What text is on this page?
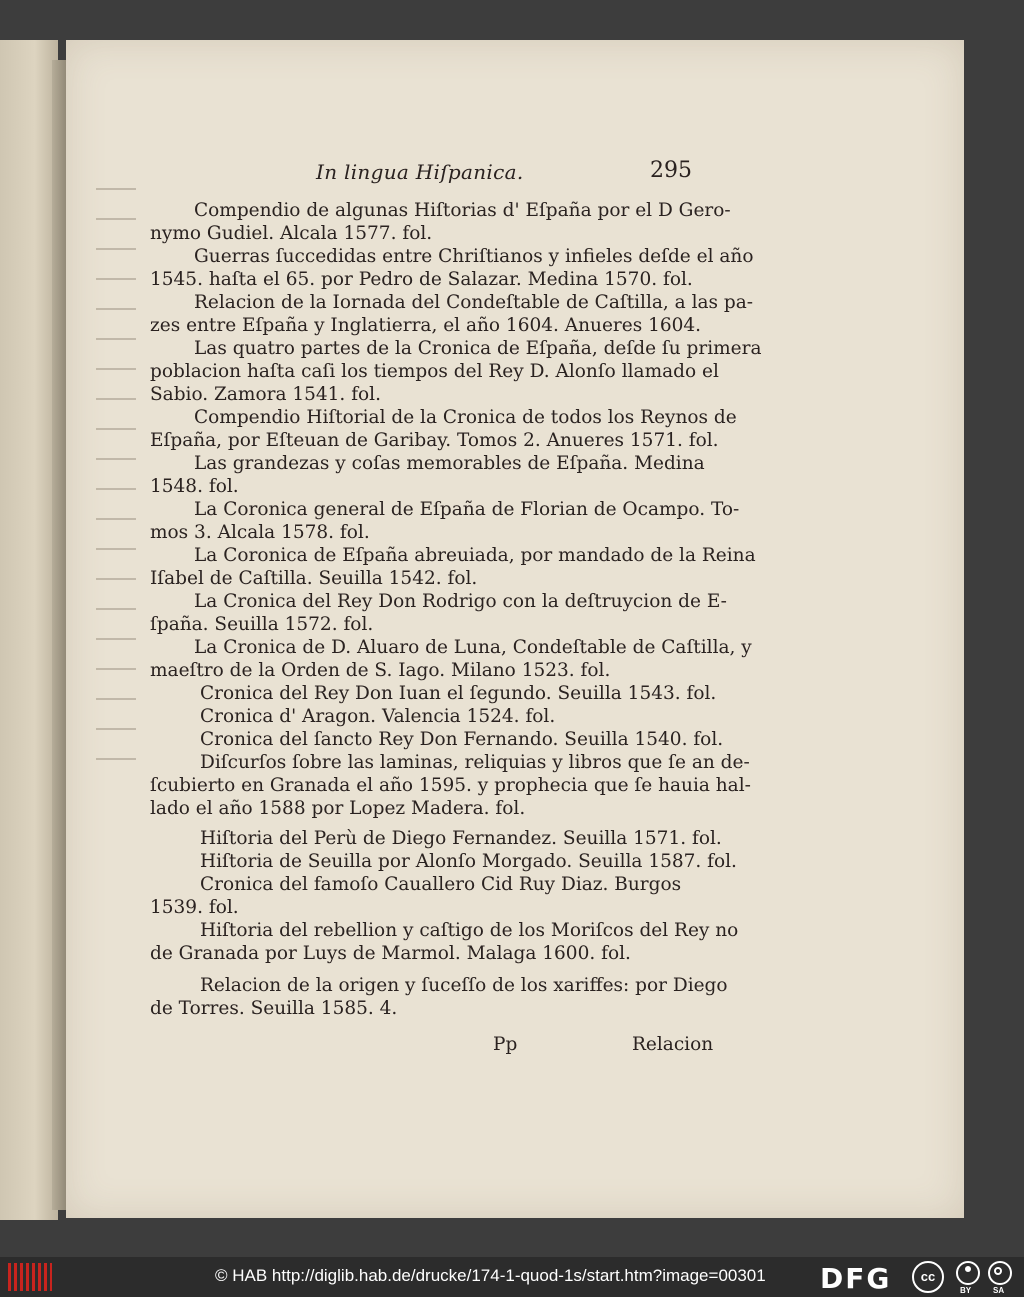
In lingua Hiſpanica.	295
Compendio de algunas Hiſtorias d' Eſpaña por el D Gero-
nymo Gudiel. Alcala 1577. fol.
Guerras ſuccedidas entre Chriſtianos y infieles deſde el año
1545. haſta el 65. por Pedro de Salazar. Medina 1570. fol.
Relacion de la Iornada del Condeſtable de Caſtilla, a las pa-
zes entre Eſpaña y Inglatierra, el año 1604. Anueres 1604.
Las quatro partes de la Cronica de Eſpaña, deſde ſu primera
poblacion haſta caſi los tiempos del Rey D. Alonſo llamado el
Sabio. Zamora 1541. fol.
Compendio Hiſtorial de la Cronica de todos los Reynos de
Eſpaña, por Eſteuan de Garibay. Tomos 2. Anueres 1571. fol.
Las grandezas y coſas memorables de Eſpaña. Medina
1548. fol.
La Coronica general de Eſpaña de Florian de Ocampo. To-
mos 3. Alcala 1578. fol.
La Coronica de Eſpaña abreuiada, por mandado de la Reina
Iſabel de Caſtilla. Seuilla 1542. fol.
La Cronica del Rey Don Rodrigo con la deſtruycion de E-
ſpaña. Seuilla 1572. fol.
La Cronica de D. Aluaro de Luna, Condeſtable de Caſtilla, y
maeſtro de la Orden de S. Iago. Milano 1523. fol.
Cronica del Rey Don Iuan el ſegundo. Seuilla 1543. fol.
Cronica d' Aragon. Valencia 1524. fol.
Cronica del ſancto Rey Don Fernando. Seuilla 1540. fol.
Diſcurſos ſobre las laminas, reliquias y libros que ſe an de-
ſcubierto en Granada el año 1595. y prophecia que ſe hauia hal-
lado el año 1588 por Lopez Madera. fol.
Hiſtoria del Perù de Diego Fernandez. Seuilla 1571. fol.
Hiſtoria de Seuilla por Alonſo Morgado. Seuilla 1587. fol.
Cronica del famoſo Cauallero Cid Ruy Diaz. Burgos
1539. fol.
Hiſtoria del rebellion y caſtigo de los Moriſcos del Rey no
de Granada por Luys de Marmol. Malaga 1600. fol.
Relacion de la origen y ſuceſſo de los xariffes: por Diego
de Torres. Seuilla 1585. 4.
Pp	Relacion
© HAB http://diglib.hab.de/drucke/174-1-quod-1s/start.htm?image=00301 DFG	cc
BY	SA
